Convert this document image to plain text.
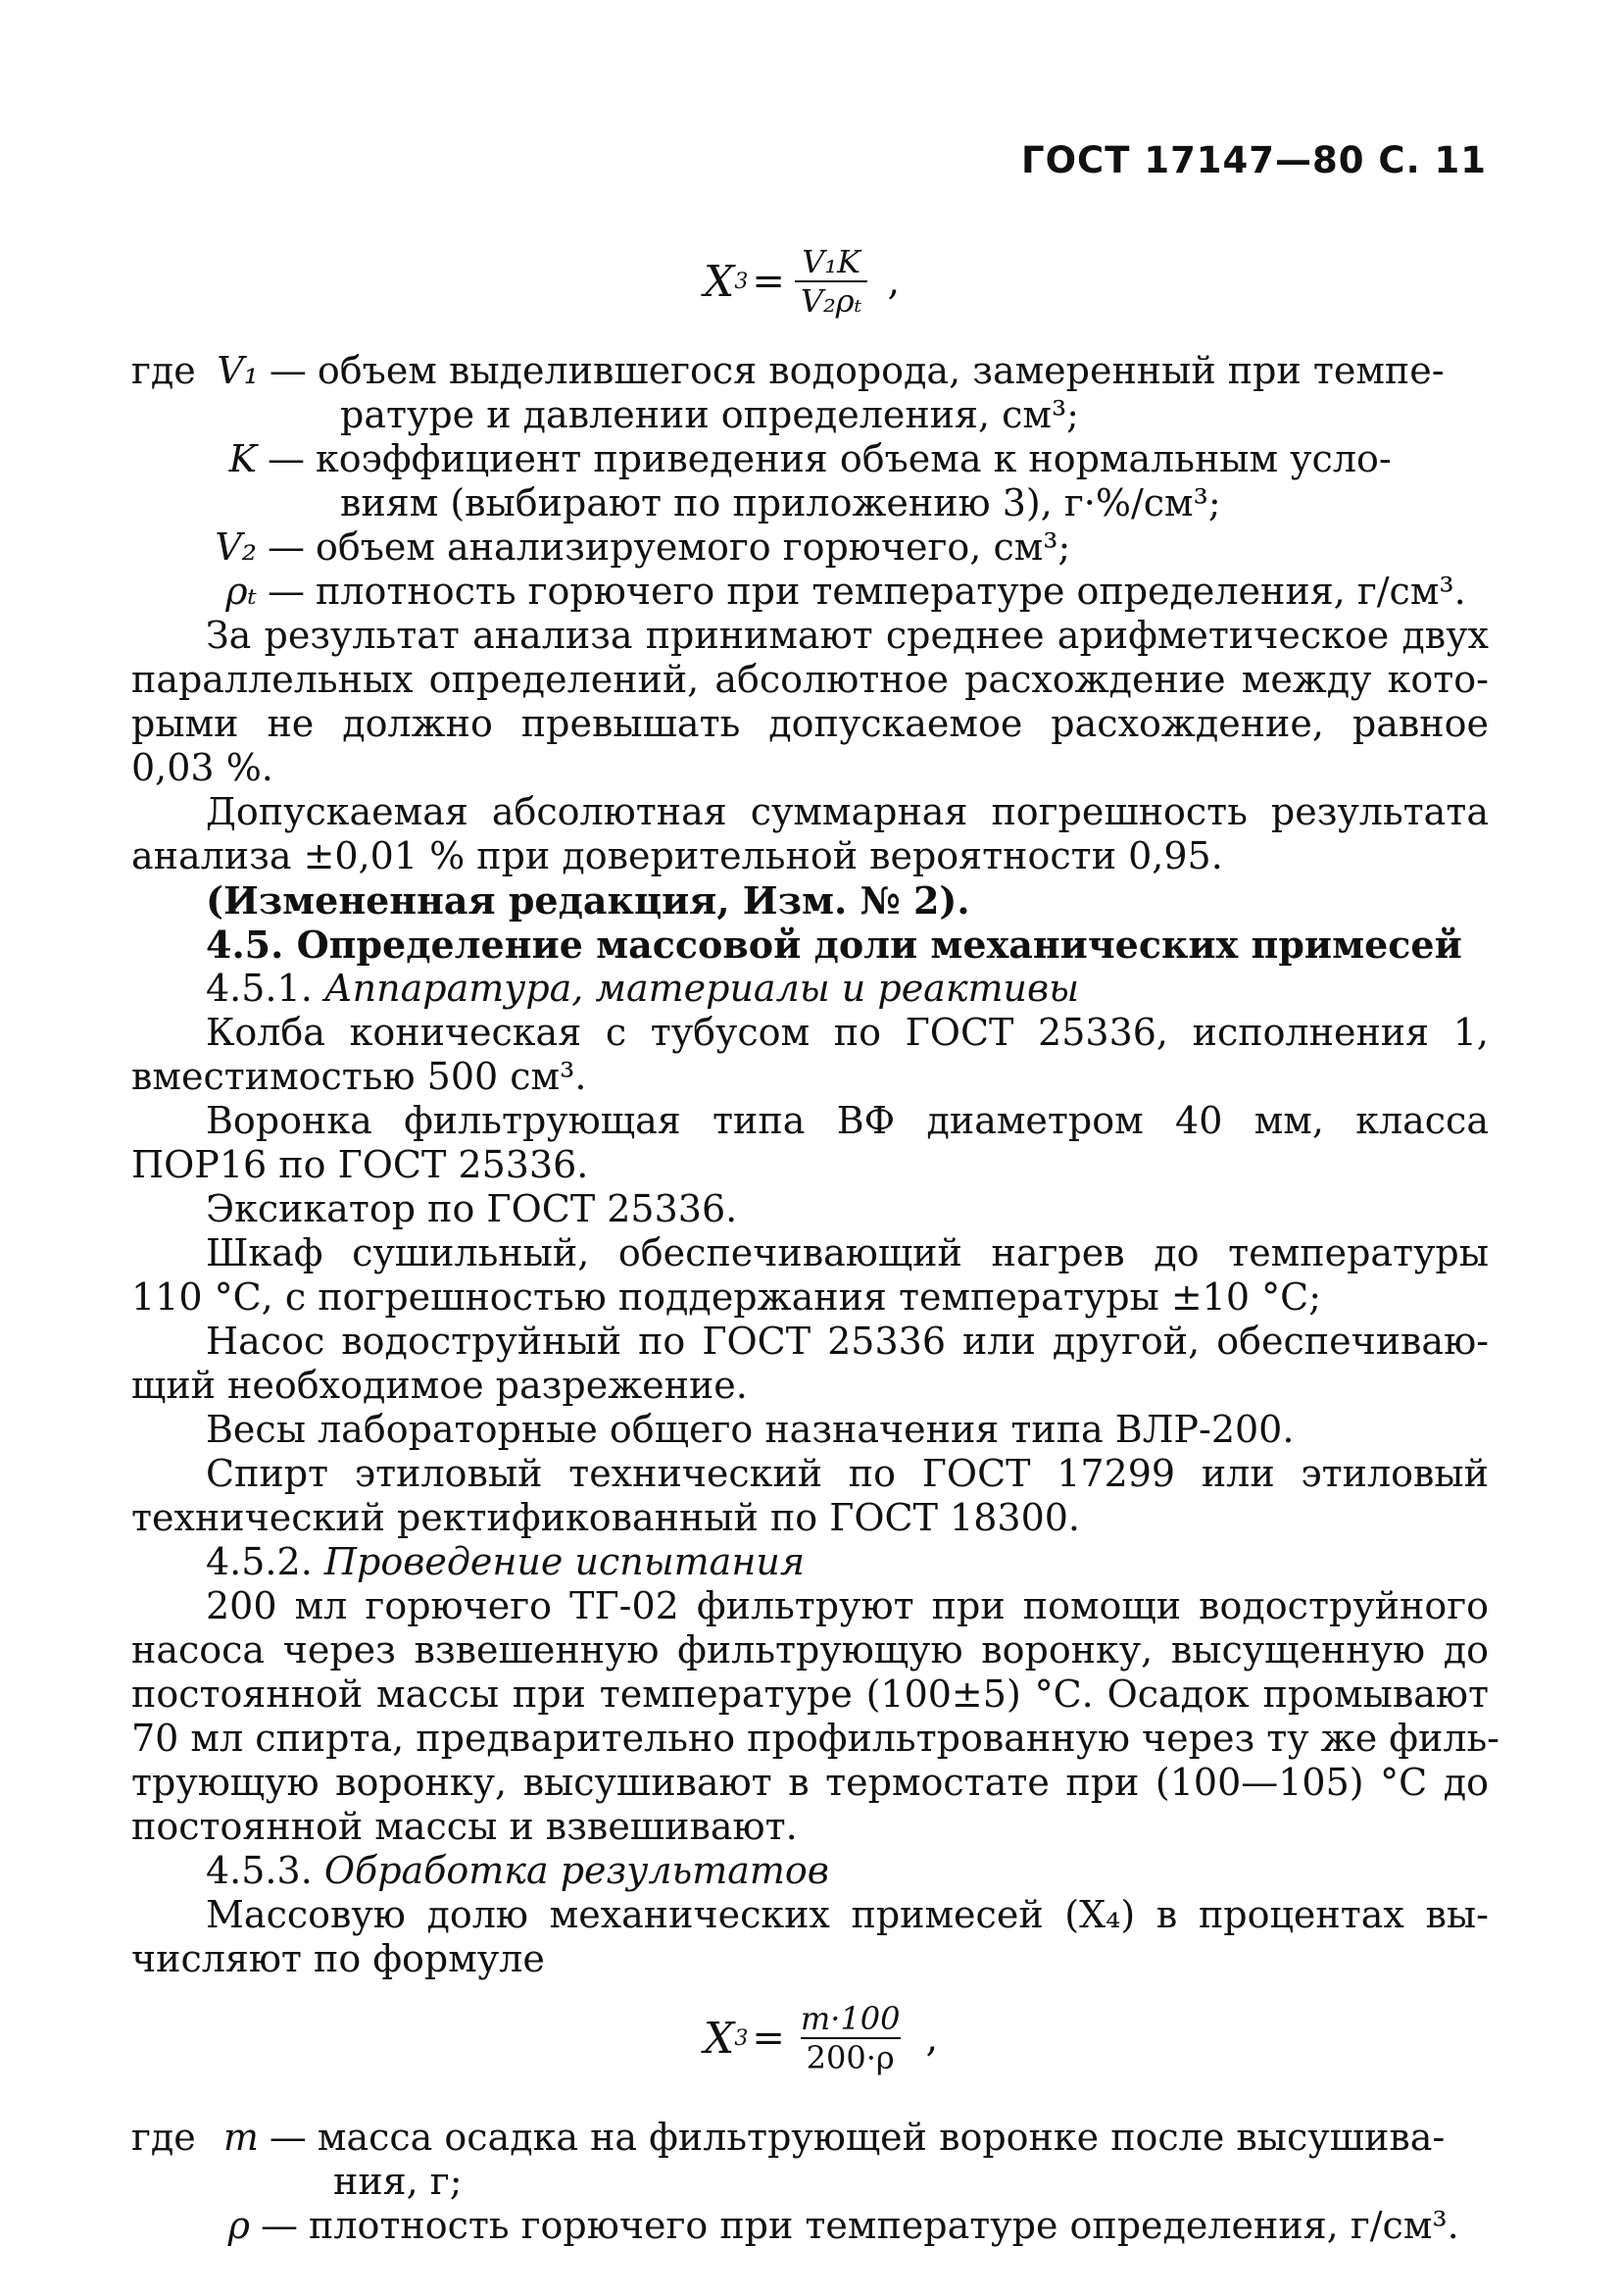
ГОСТ 17147—80 С. 11
X $3 = \frac{\text{V₁K}}{\text{V₂ρₜ}}$ ,
где V₁ — объем выделившегося водорода, замеренный при темпе-
ратуре и давлении определения, см³;
K — коэффициент приведения объема к нормальным усло-
виям (выбирают по приложению 3), г·%/см³;
V₂ — объем анализируемого горючего, см³;
ρₜ — плотность горючего при температуре определения, г/см³.
За результат анализа принимают среднее арифметическое двух
параллельных определений, абсолютное расхождение между кото-
рыми не должно превышать допускаемое расхождение, равное
0,03 %.
Допускаемая абсолютная суммарная погрешность результата
анализа ±0,01 % при доверительной вероятности 0,95.
(Измененная редакция, Изм. № 2).
4.5. Определение массовой доли механических примесей
4.5.1. Аппаратура, материалы и реактивы
Колба коническая с тубусом по ГОСТ 25336, исполнения 1,
вместимостью 500 см³.
Воронка фильтрующая типа ВФ диаметром 40 мм, класса
ПОР16 по ГОСТ 25336.
Эксикатор по ГОСТ 25336.
Шкаф сушильный, обеспечивающий нагрев до температуры
110 °С, с погрешностью поддержания температуры ±10 °С;
Насос водоструйный по ГОСТ 25336 или другой, обеспечиваю-
щий необходимое разрежение.
Весы лабораторные общего назначения типа ВЛР-200.
Спирт этиловый технический по ГОСТ 17299 или этиловый
технический ректификованный по ГОСТ 18300.
4.5.2. Проведение испытания
200 мл горючего ТГ-02 фильтруют при помощи водоструйного
насоса через взвешенную фильтрующую воронку, высущенную до
постоянной массы при температуре (100±5) °С. Осадок промывают
70 мл спирта, предварительно профильтрованную через ту же филь-
трующую воронку, высушивают в термостате при (100—105) °С до
постоянной массы и взвешивают.
4.5.3. Обработка результатов
Массовую долю механических примесей (X₄) в процентах вы-
числяют по формуле
X $3 = \frac{m\cdot 100}{200\cdot\rho}$ ,
где m — масса осадка на фильтрующей воронке после высушива-
ния, г;
ρ — плотность горючего при температуре определения, г/см³.
